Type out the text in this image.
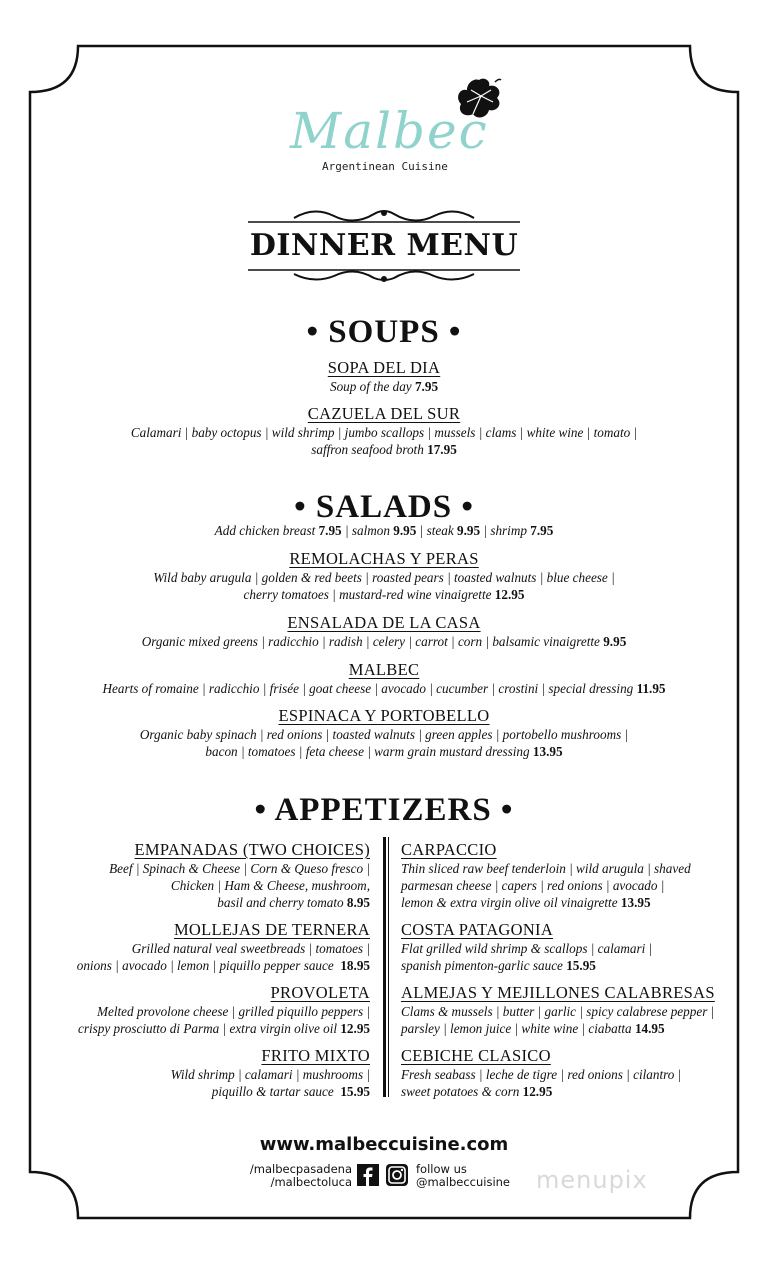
Malbec
Argentinean Cuisine
DINNER MENU
• SOUPS •
SOPA DEL DIA
Soup of the day 7.95
CAZUELA DEL SUR
Calamari | baby octopus | wild shrimp | jumbo scallops | mussels | clams | white wine | tomato |
saffron seafood broth 17.95
• SALADS •
Add chicken breast 7.95 | salmon 9.95 | steak 9.95 | shrimp 7.95
REMOLACHAS Y PERAS
Wild baby arugula | golden & red beets | roasted pears | toasted walnuts | blue cheese |
cherry tomatoes | mustard-red wine vinaigrette 12.95
ENSALADA DE LA CASA
Organic mixed greens | radicchio | radish | celery | carrot | corn | balsamic vinaigrette 9.95
MALBEC
Hearts of romaine | radicchio | frisée | goat cheese | avocado | cucumber | crostini | special dressing 11.95
ESPINACA Y PORTOBELLO
Organic baby spinach | red onions | toasted walnuts | green apples | portobello mushrooms |
bacon | tomatoes | feta cheese | warm grain mustard dressing 13.95
• APPETIZERS •
EMPANADAS (TWO CHOICES)
Beef | Spinach & Cheese | Corn & Queso fresco |
Chicken | Ham & Cheese, mushroom,
basil and cherry tomato 8.95
MOLLEJAS DE TERNERA
Grilled natural veal sweetbreads | tomatoes |
onions | avocado | lemon | piquillo pepper sauce 18.95
PROVOLETA
Melted provolone cheese | grilled piquillo peppers |
crispy prosciutto di Parma | extra virgin olive oil 12.95
FRITO MIXTO
Wild shrimp | calamari | mushrooms |
piquillo & tartar sauce 15.95
CARPACCIO
Thin sliced raw beef tenderloin | wild arugula | shaved
parmesan cheese | capers | red onions | avocado |
lemon & extra virgin olive oil vinaigrette 13.95
COSTA PATAGONIA
Flat grilled wild shrimp & scallops | calamari |
spanish pimenton-garlic sauce 15.95
ALMEJAS Y MEJILLONES CALABRESAS
Clams & mussels | butter | garlic | spicy calabrese pepper |
parsley | lemon juice | white wine | ciabatta 14.95
CEBICHE CLASICO
Fresh seabass | leche de tigre | red onions | cilantro |
sweet potatoes & corn 12.95
www.malbeccuisine.com
/malbecpasadena
/malbectoluca
follow us
@malbeccuisine menupix
